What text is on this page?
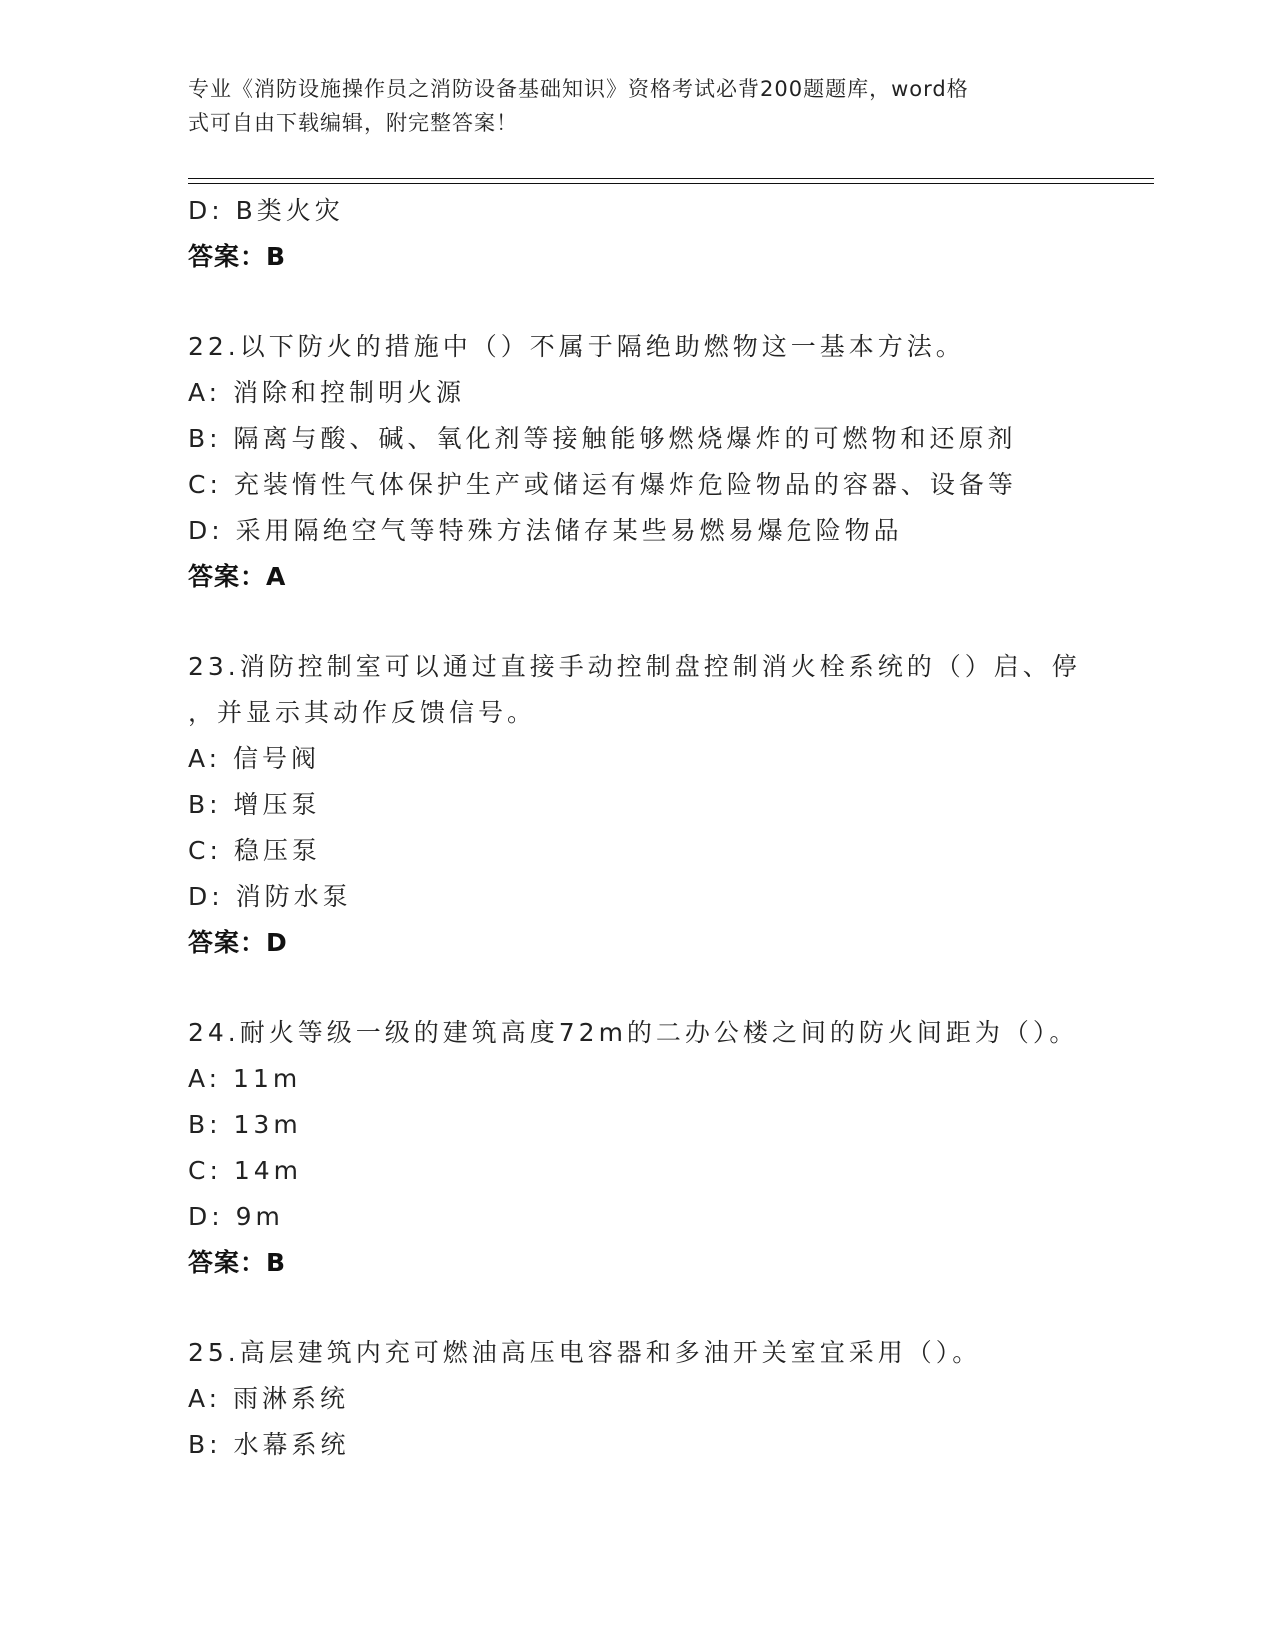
专业《消防设施操作员之消防设备基础知识》资格考试必背200题题库，word格
式可自由下载编辑，附完整答案！
D: B类火灾
答案：B
22.以下防火的措施中（）不属于隔绝助燃物这一基本方法。
A: 消除和控制明火源
B: 隔离与酸、碱、氧化剂等接触能够燃烧爆炸的可燃物和还原剂
C: 充装惰性气体保护生产或储运有爆炸危险物品的容器、设备等
D: 采用隔绝空气等特殊方法储存某些易燃易爆危险物品
答案：A
23.消防控制室可以通过直接手动控制盘控制消火栓系统的（）启、停
，并显示其动作反馈信号。
A: 信号阀
B: 增压泵
C: 稳压泵
D: 消防水泵
答案：D
24.耐火等级一级的建筑高度72m的二办公楼之间的防火间距为（）。
A: 11m
B: 13m
C: 14m
D: 9m
答案：B
25.高层建筑内充可燃油高压电容器和多油开关室宜采用（）。
A: 雨淋系统
B: 水幕系统
